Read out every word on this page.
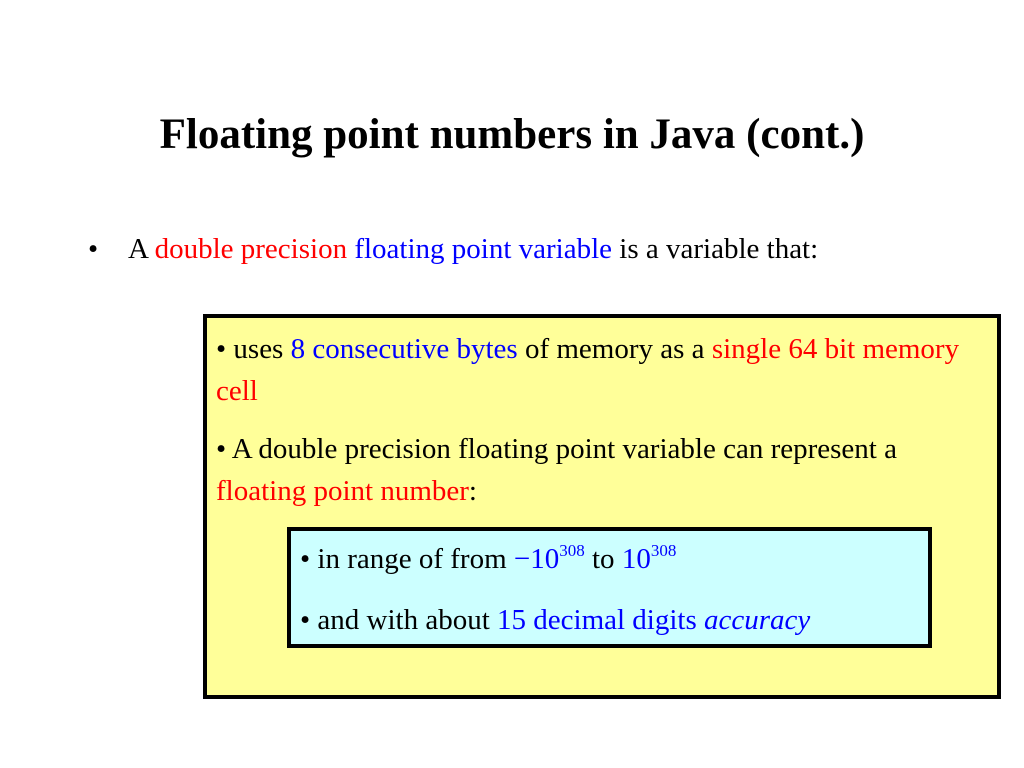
Floating point numbers in Java (cont.)
• A double precision floating point variable is a variable that:
• uses 8 consecutive bytes of memory as a single 64 bit memory cell
• A double precision floating point variable can represent a floating point number:
• in range of from $-10^{308}$ to $10^{308}$
• and with about 15 decimal digits accuracy
